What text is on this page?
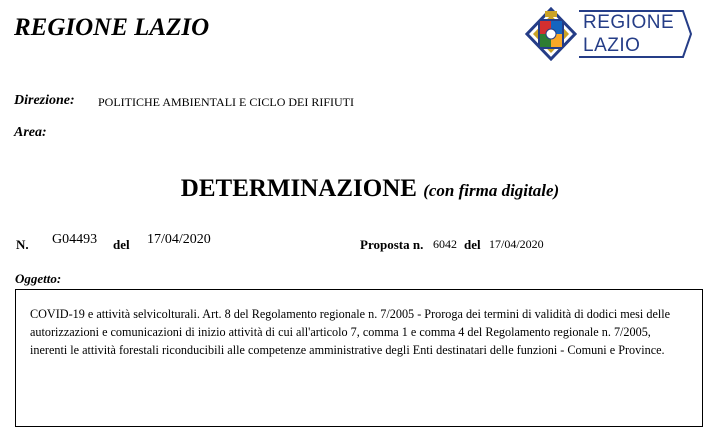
REGIONE LAZIO	REGIONE
LAZIO
Direzione: POLITICHE AMBIENTALI E CICLO DEI RIFIUTI
Area:
DETERMINAZIONE (con firma digitale)
N. G04493 del 17/04/2020	Proposta n. 6042 del 17/04/2020
Oggetto:
COVID-19 e attività selvicolturali. Art. 8 del Regolamento regionale n. 7/2005 - Proroga dei termini di validità di dodici mesi delle autorizzazioni e comunicazioni di inizio attività di cui all'articolo 7, comma 1 e comma 4 del Regolamento regionale n. 7/2005, inerenti le attività forestali riconducibili alle competenze amministrative degli Enti destinatari delle funzioni - Comuni e Province.
